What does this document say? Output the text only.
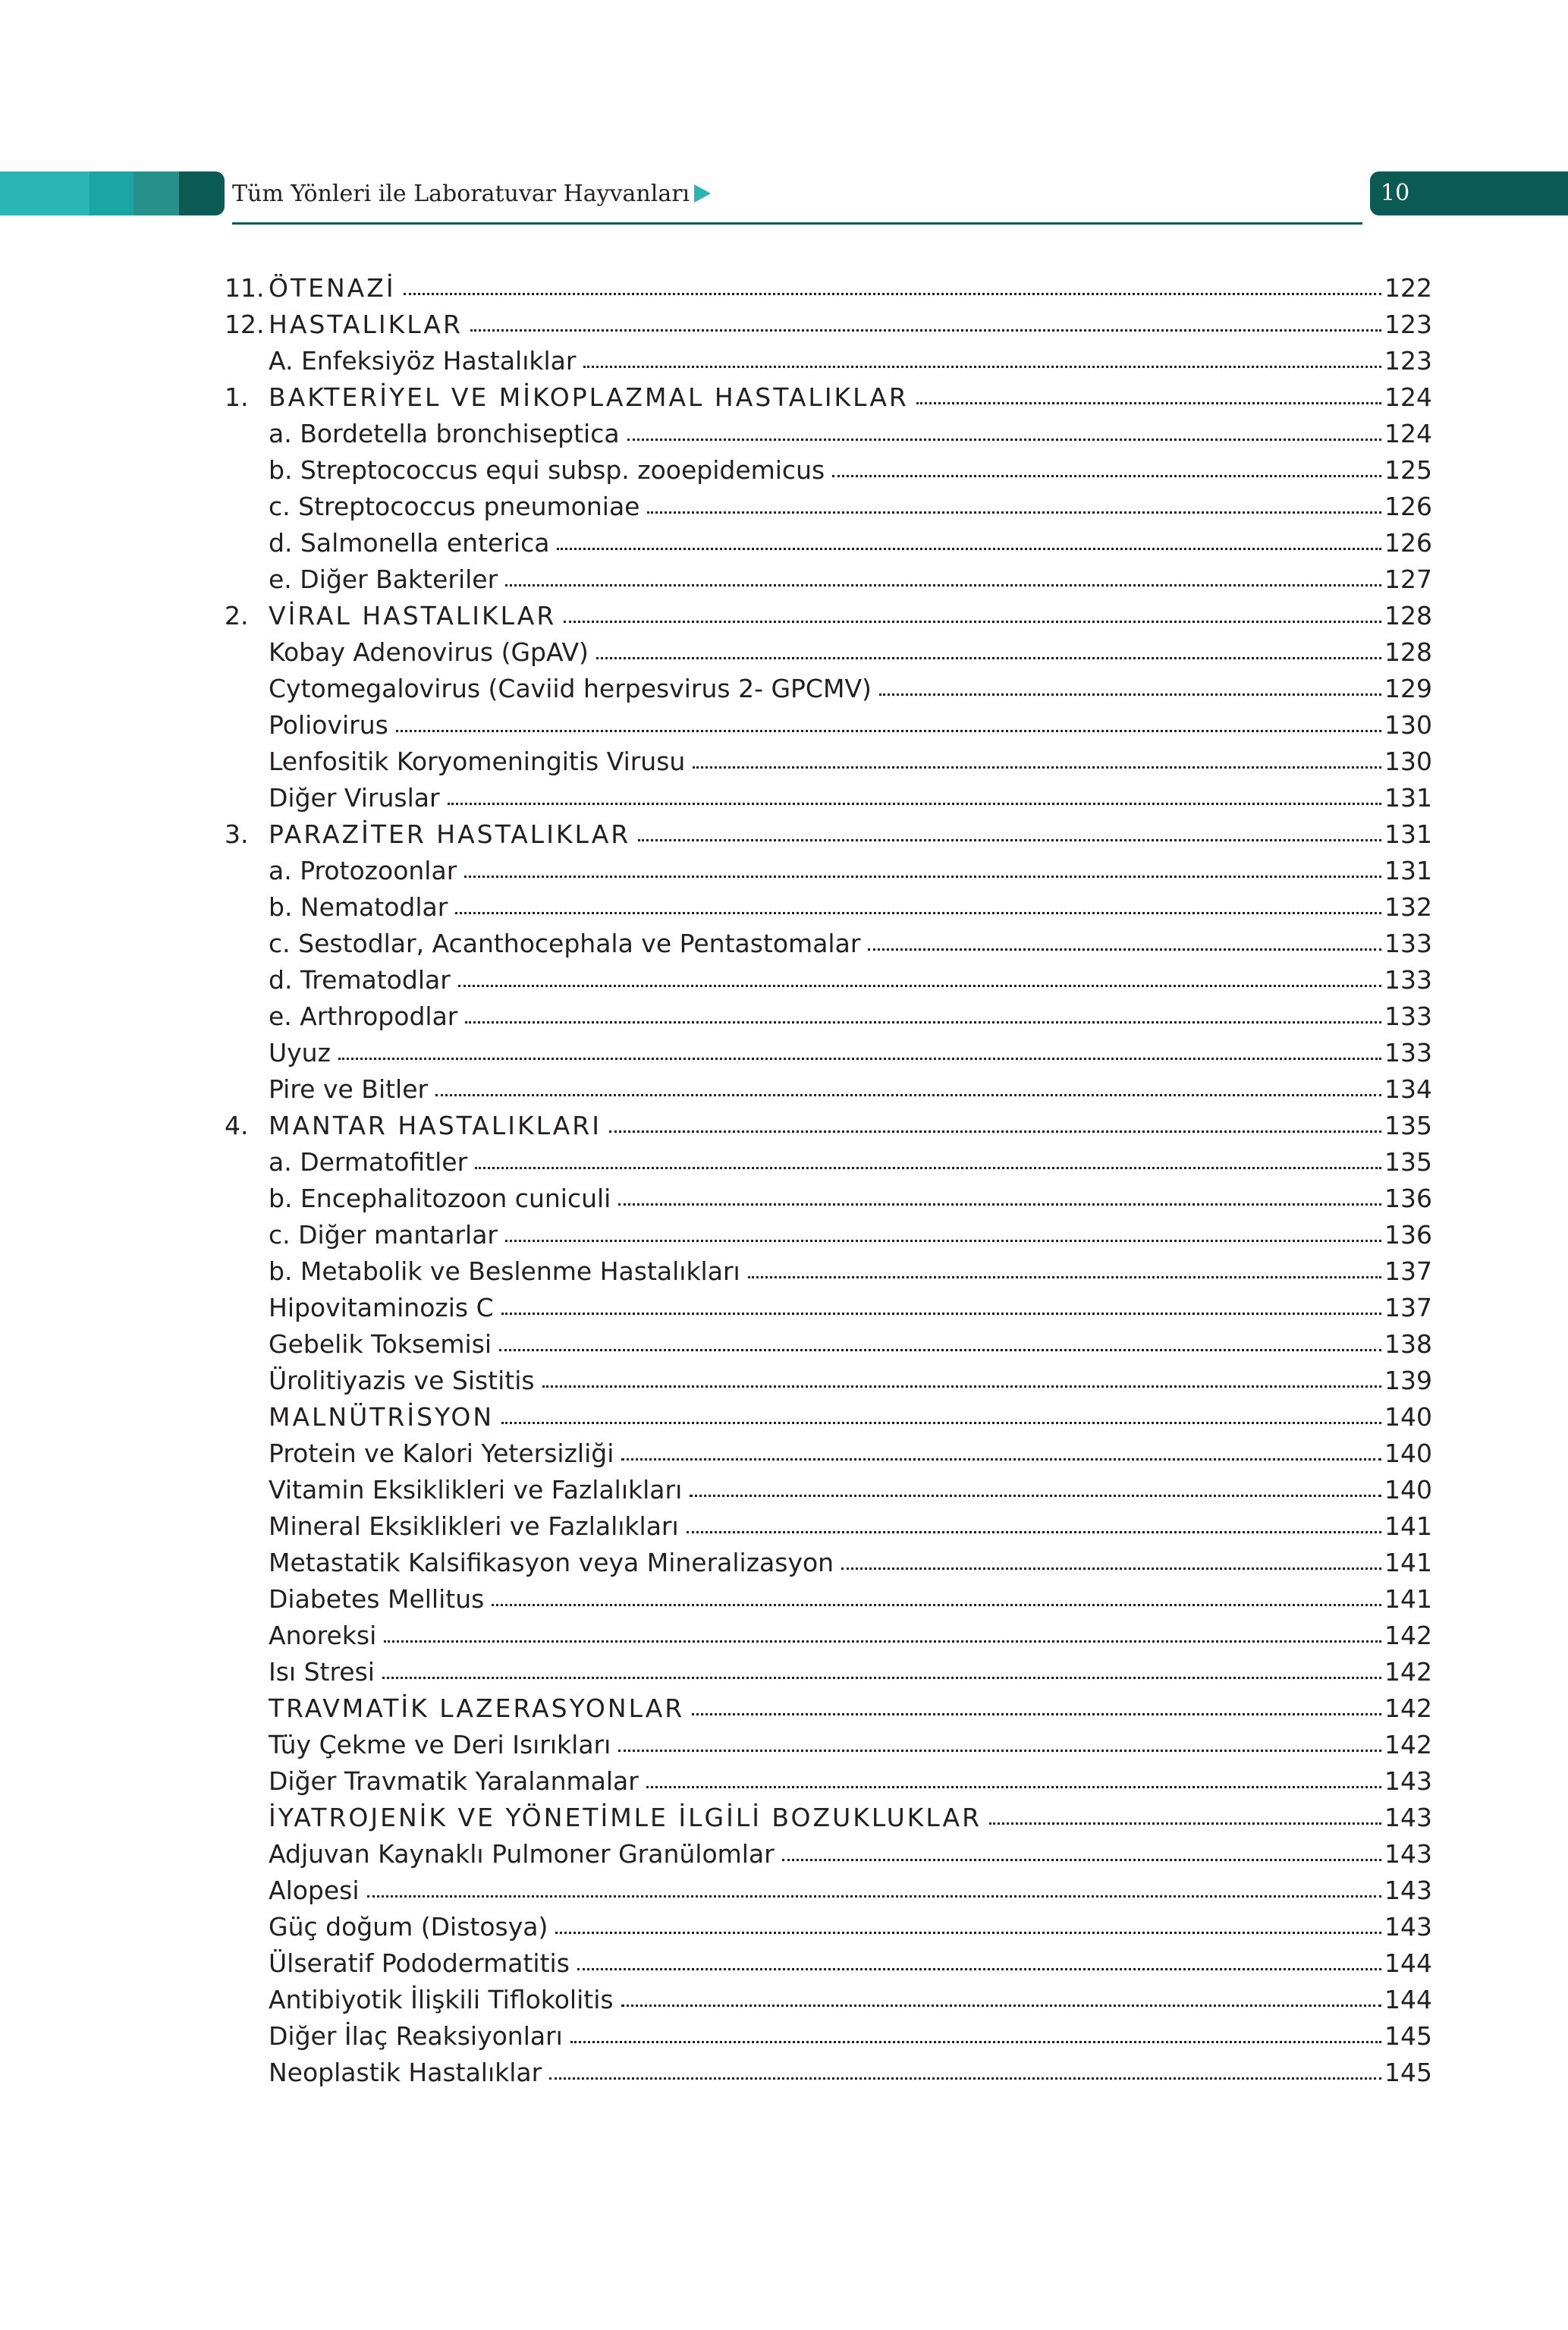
Tüm Yönleri ile Laboratuvar Hayvanları	10
11. ÖTENAZİ	122
12. HASTALIKLAR	123
A. Enfeksiyöz Hastalıklar	123
1. BAKTERİYEL VE MİKOPLAZMAL HASTALIKLAR	124
a. Bordetella bronchiseptica	124
b. Streptococcus equi subsp. zooepidemicus	125
c. Streptococcus pneumoniae	126
d. Salmonella enterica	126
e. Diğer Bakteriler	127
2. VİRAL HASTALIKLAR	128
Kobay Adenovirus (GpAV)	128
Cytomegalovirus (Caviid herpesvirus 2- GPCMV)	129
Poliovirus	130
Lenfositik Koryomeningitis Virusu	130
Diğer Viruslar	131
3. PARAZİTER HASTALIKLAR	131
a. Protozoonlar	131
b. Nematodlar	132
c. Sestodlar, Acanthocephala ve Pentastomalar	133
d. Trematodlar	133
e. Arthropodlar	133
Uyuz	133
Pire ve Bitler	134
4. MANTAR HASTALIKLARI	135
a. Dermatofitler	135
b. Encephalitozoon cuniculi	136
c. Diğer mantarlar	136
b. Metabolik ve Beslenme Hastalıkları	137
Hipovitaminozis C	137
Gebelik Toksemisi	138
Ürolitiyazis ve Sistitis	139
MALNÜTRİSYON	140
Protein ve Kalori Yetersizliği	140
Vitamin Eksiklikleri ve Fazlalıkları	140
Mineral Eksiklikleri ve Fazlalıkları	141
Metastatik Kalsifikasyon veya Mineralizasyon	141
Diabetes Mellitus	141
Anoreksi	142
Isı Stresi	142
TRAVMATİK LAZERASYONLAR	142
Tüy Çekme ve Deri Isırıkları	142
Diğer Travmatik Yaralanmalar	143
İYATROJENİK VE YÖNETİMLE İLGİLİ BOZUKLUKLAR	143
Adjuvan Kaynaklı Pulmoner Granülomlar	143
Alopesi	143
Güç doğum (Distosya)	143
Ülseratif Pododermatitis	144
Antibiyotik İlişkili Tiflokolitis	144
Diğer İlaç Reaksiyonları	145
Neoplastik Hastalıklar	145
